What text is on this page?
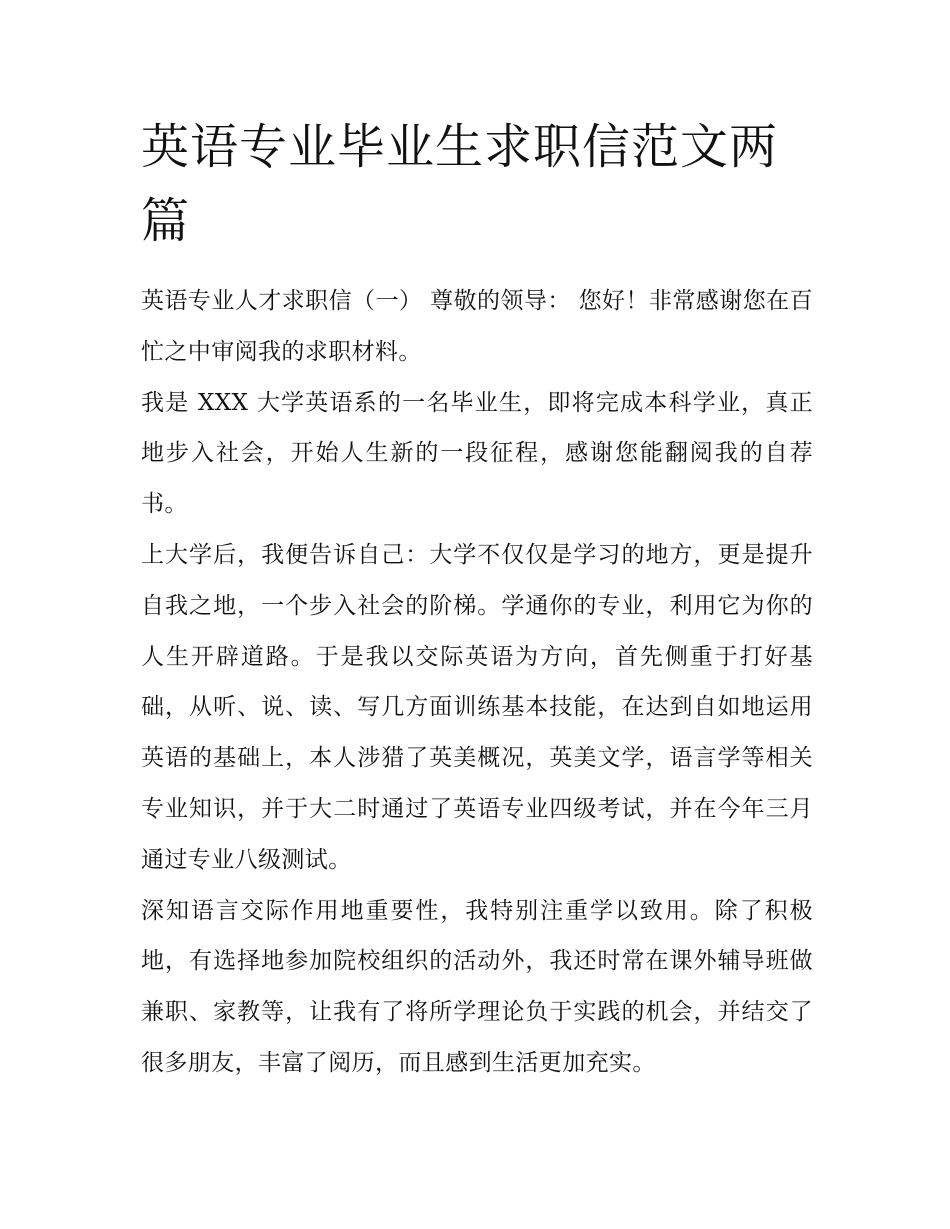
英语专业毕业生求职信范文两篇

英语专业人才求职信（一） 尊敬的领导： 您好！非常感谢您在百忙之中审阅我的求职材料。

我是 XXX 大学英语系的一名毕业生，即将完成本科学业，真正地步入社会，开始人生新的一段征程，感谢您能翻阅我的自荐书。

上大学后，我便告诉自己：大学不仅仅是学习的地方，更是提升自我之地，一个步入社会的阶梯。学通你的专业，利用它为你的人生开辟道路。于是我以交际英语为方向，首先侧重于打好基础，从听、说、读、写几方面训练基本技能，在达到自如地运用英语的基础上，本人涉猎了英美概况，英美文学，语言学等相关专业知识，并于大二时通过了英语专业四级考试，并在今年三月通过专业八级测试。

深知语言交际作用地重要性，我特别注重学以致用。除了积极地，有选择地参加院校组织的活动外，我还时常在课外辅导班做兼职、家教等，让我有了将所学理论负于实践的机会，并结交了很多朋友，丰富了阅历，而且感到生活更加充实。
